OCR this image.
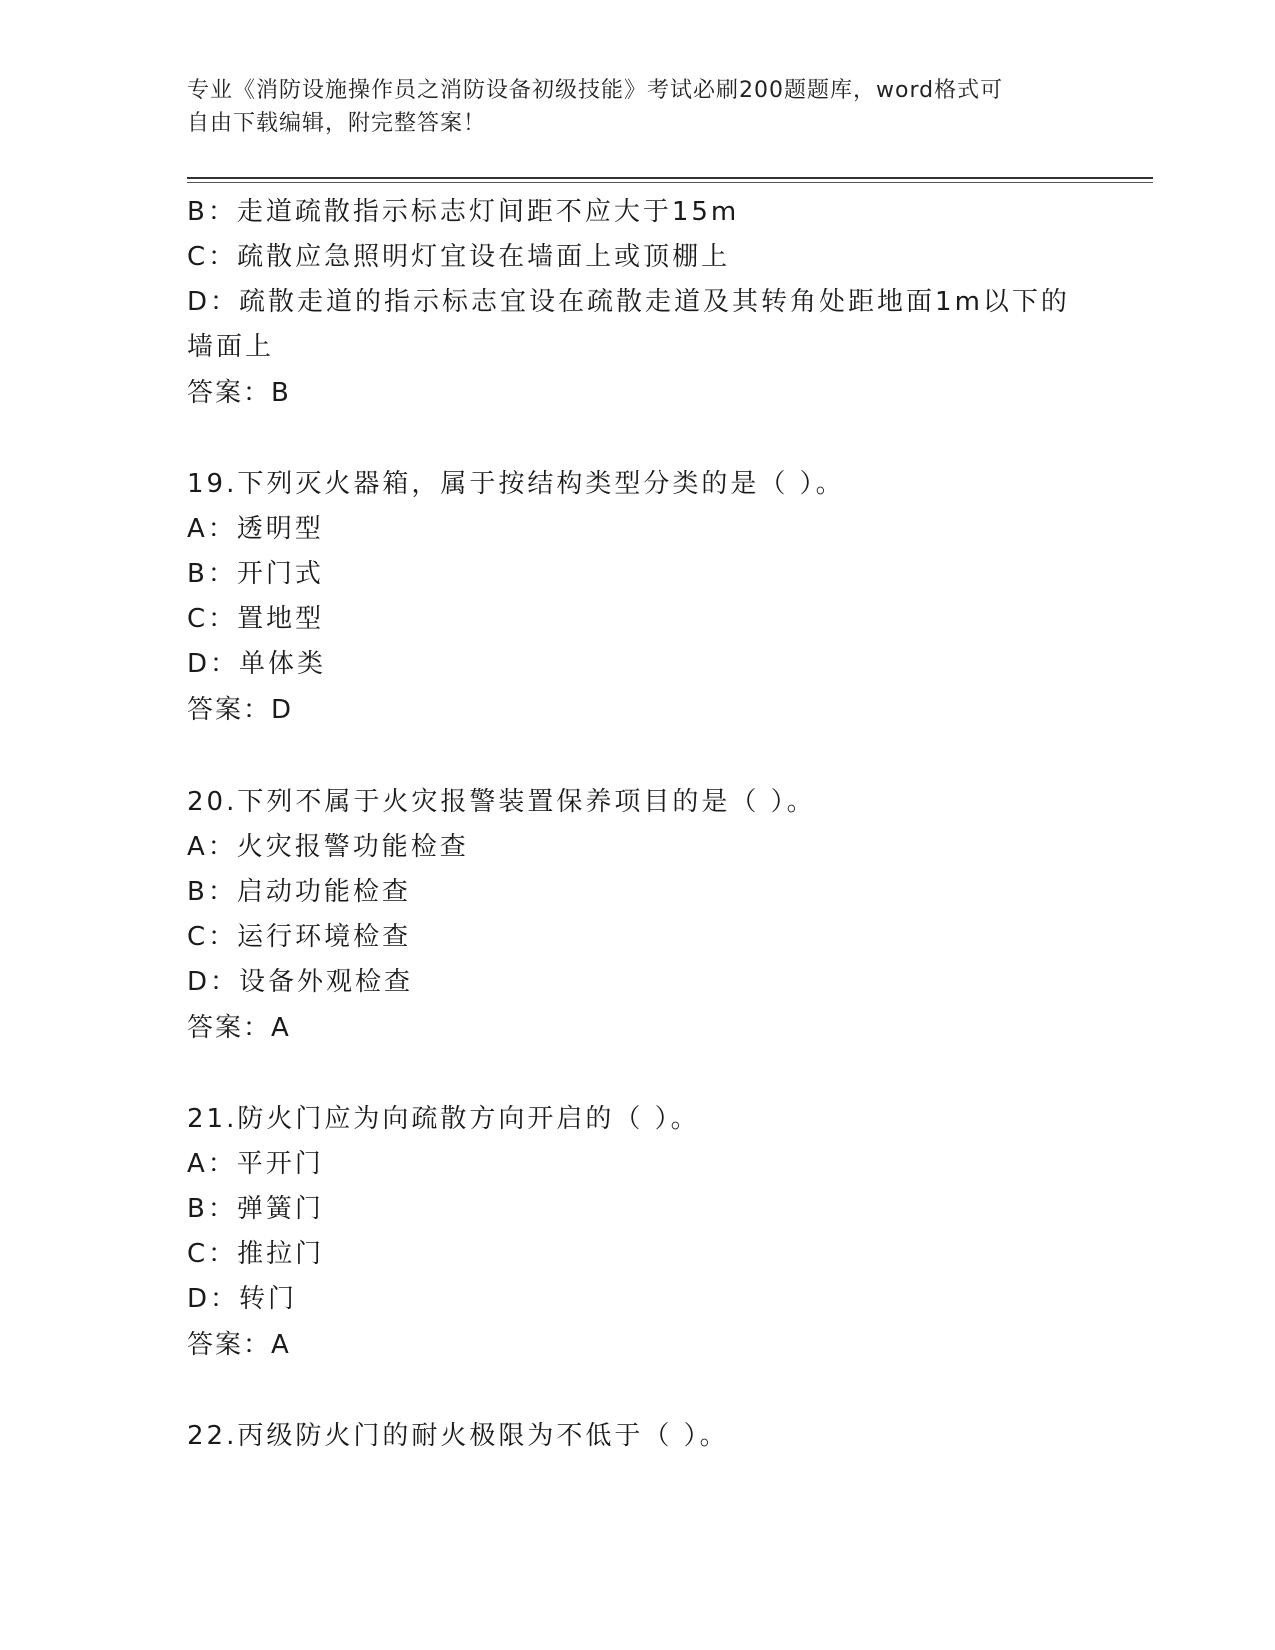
专业《消防设施操作员之消防设备初级技能》考试必刷200题题库，word格式可
自由下载编辑，附完整答案！
B：走道疏散指示标志灯间距不应大于15m
C：疏散应急照明灯宜设在墙面上或顶棚上
D：疏散走道的指示标志宜设在疏散走道及其转角处距地面1m以下的
墙面上
答案：B
19.下列灭火器箱，属于按结构类型分类的是（ ）。
A：透明型
B：开门式
C：置地型
D：单体类
答案：D
20.下列不属于火灾报警装置保养项目的是（ ）。
A：火灾报警功能检查
B：启动功能检查
C：运行环境检查
D：设备外观检查
答案：A
21.防火门应为向疏散方向开启的（ ）。
A：平开门
B：弹簧门
C：推拉门
D：转门
答案：A
22.丙级防火门的耐火极限为不低于（ ）。
